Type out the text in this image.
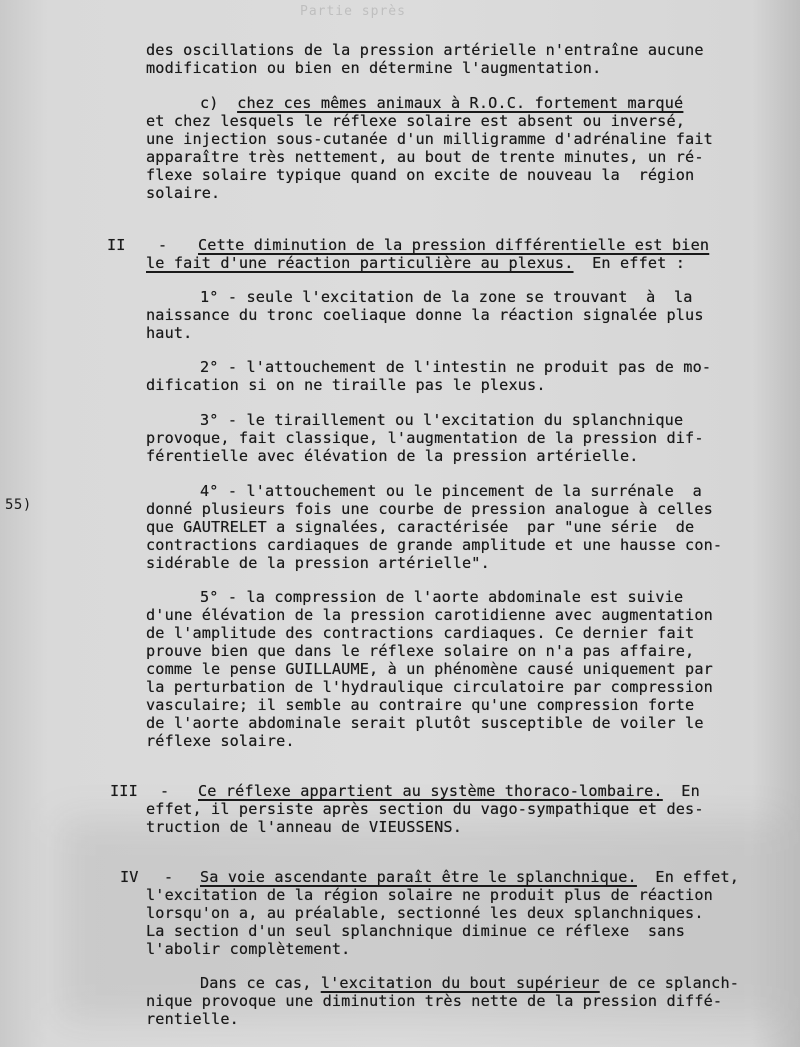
Partie sprès
55)
des oscillations de la pression artérielle n'entraîne aucune
modification ou bien en détermine l'augmentation.
c) chez ces mêmes animaux à R.O.C. fortement marqué
et chez lesquels le réflexe solaire est absent ou inversé,
une injection sous-cutanée d'un milligramme d'adrénaline fait
apparaître très nettement, au bout de trente minutes, un ré-
flexe solaire typique quand on excite de nouveau la  région
solaire.
II - Cette diminution de la pression différentielle est bien
le fait d'une réaction particulière au plexus. En effet :
1° - seule l'excitation de la zone se trouvant  à  la
naissance du tronc coeliaque donne la réaction signalée plus
haut.
2° - l'attouchement de l'intestin ne produit pas de mo-
dification si on ne tiraille pas le plexus.
3° - le tiraillement ou l'excitation du splanchnique
provoque, fait classique, l'augmentation de la pression dif-
férentielle avec élévation de la pression artérielle.
4° - l'attouchement ou le pincement de la surrénale  a
donné plusieurs fois une courbe de pression analogue à celles
que GAUTRELET a signalées, caractérisée  par "une série  de
contractions cardiaques de grande amplitude et une hausse con-
sidérable de la pression artérielle".
5° - la compression de l'aorte abdominale est suivie
d'une élévation de la pression carotidienne avec augmentation
de l'amplitude des contractions cardiaques. Ce dernier fait
prouve bien que dans le réflexe solaire on n'a pas affaire,
comme le pense GUILLAUME, à un phénomène causé uniquement par
la perturbation de l'hydraulique circulatoire par compression
vasculaire; il semble au contraire qu'une compression forte
de l'aorte abdominale serait plutôt susceptible de voiler le
réflexe solaire.
III - Ce réflexe appartient au système thoraco-lombaire. En
effet, il persiste après section du vago-sympathique et des-
truction de l'anneau de VIEUSSENS.
IV - Sa voie ascendante paraît être le splanchnique. En effet,
l'excitation de la région solaire ne produit plus de réaction
lorsqu'on a, au préalable, sectionné les deux splanchniques.
La section d'un seul splanchnique diminue ce réflexe  sans
l'abolir complètement.
Dans ce cas, l'excitation du bout supérieur de ce splanch-
nique provoque une diminution très nette de la pression diffé-
rentielle.
